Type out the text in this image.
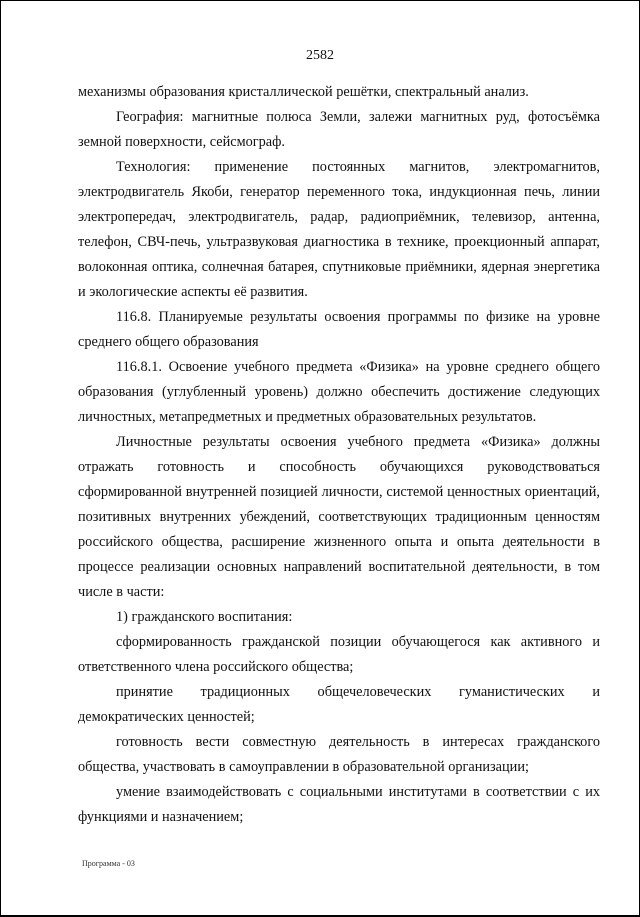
2582

механизмы образования кристаллической решётки, спектральный анализ.

География: магнитные полюса Земли, залежи магнитных руд, фотосъёмка земной поверхности, сейсмограф.

Технология: применение постоянных магнитов, электромагнитов, электродвигатель Якоби, генератор переменного тока, индукционная печь, линии электропередач, электродвигатель, радар, радиоприёмник, телевизор, антенна, телефон, СВЧ-печь, ультразвуковая диагностика в технике, проекционный аппарат, волоконная оптика, солнечная батарея, спутниковые приёмники, ядерная энергетика и экологические аспекты её развития.

116.8. Планируемые результаты освоения программы по физике на уровне среднего общего образования

116.8.1. Освоение учебного предмета «Физика» на уровне среднего общего образования (углубленный уровень) должно обеспечить достижение следующих личностных, метапредметных и предметных образовательных результатов.

Личностные результаты освоения учебного предмета «Физика» должны отражать готовность и способность обучающихся руководствоваться сформированной внутренней позицией личности, системой ценностных ориентаций, позитивных внутренних убеждений, соответствующих традиционным ценностям российского общества, расширение жизненного опыта и опыта деятельности в процессе реализации основных направлений воспитательной деятельности, в том числе в части:

1) гражданского воспитания:

сформированность гражданской позиции обучающегося как активного и ответственного члена российского общества;

принятие традиционных общечеловеческих гуманистических и демократических ценностей;

готовность вести совместную деятельность в интересах гражданского общества, участвовать в самоуправлении в образовательной организации;

умение взаимодействовать с социальными институтами в соответствии с их функциями и назначением;

Программа - 03
